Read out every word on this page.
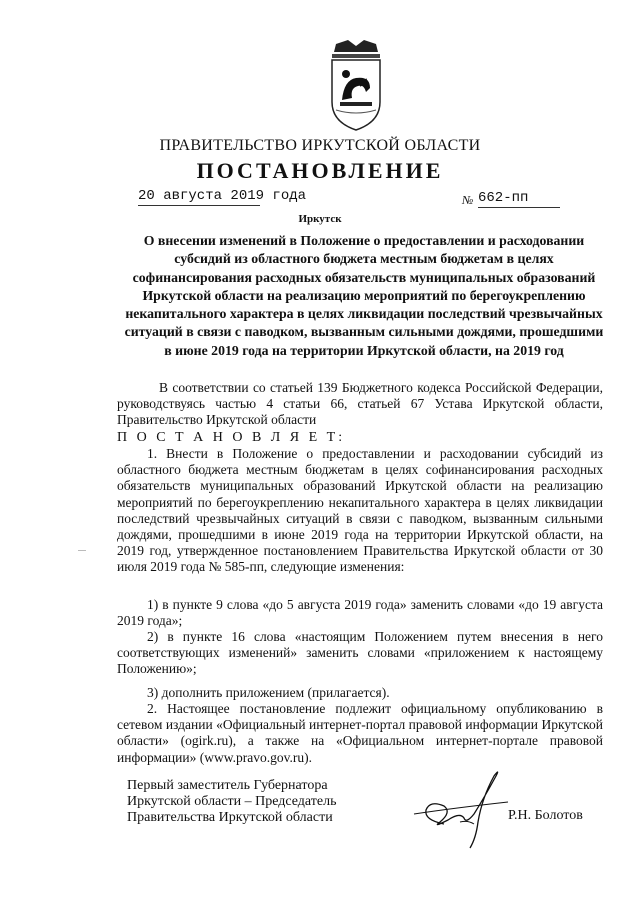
ПРАВИТЕЛЬСТВО ИРКУТСКОЙ ОБЛАСТИ
ПОСТАНОВЛЕНИЕ
20 августа 2019 года	№ 662-пп
Иркутск
О внесении изменений в Положение о предоставлении и расходовании субсидий из областного бюджета местным бюджетам в целях софинансирования расходных обязательств муниципальных образований Иркутской области на реализацию мероприятий по берегоукреплению некапитального характера в целях ликвидации последствий чрезвычайных ситуаций в связи с паводком, вызванным сильными дождями, прошедшими в июне 2019 года на территории Иркутской области, на 2019 год
В соответствии со статьей 139 Бюджетного кодекса Российской Федерации, руководствуясь частью 4 статьи 66, статьей 67 Устава Иркутской области, Правительство Иркутской области
П О С Т А Н О В Л Я Е Т:
1. Внести в Положение о предоставлении и расходовании субсидий из областного бюджета местным бюджетам в целях софинансирования расходных обязательств муниципальных образований Иркутской области на реализацию мероприятий по берегоукреплению некапитального характера в целях ликвидации последствий чрезвычайных ситуаций в связи с паводком, вызванным сильными дождями, прошедшими в июне 2019 года на территории Иркутской области, на 2019 год, утвержденное постановлением Правительства Иркутской области от 30 июля 2019 года № 585-пп, следующие изменения:
1) в пункте 9 слова «до 5 августа 2019 года» заменить словами «до 19 августа 2019 года»;
2) в пункте 16 слова «настоящим Положением путем внесения в него соответствующих изменений» заменить словами «приложением к настоящему Положению»;
3) дополнить приложением (прилагается).
2. Настоящее постановление подлежит официальному опубликованию в сетевом издании «Официальный интернет-портал правовой информации Иркутской области» (ogirk.ru), а также на «Официальном интернет-портале правовой информации» (www.pravo.gov.ru).
Первый заместитель Губернатора
Иркутской области – Председатель
Правительства Иркутской области	Р.Н. Болотов
